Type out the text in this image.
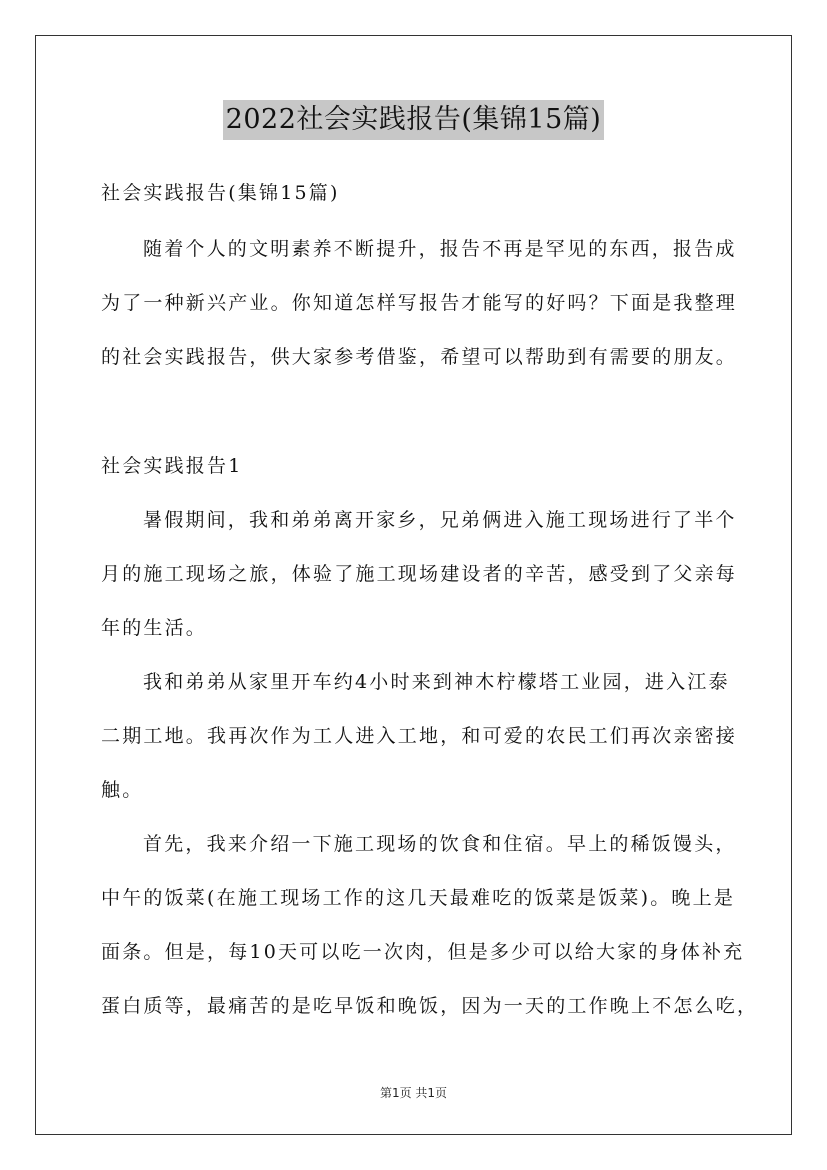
2022社会实践报告(集锦15篇)
社会实践报告(集锦15篇)
随着个人的文明素养不断提升，报告不再是罕见的东西，报告成
为了一种新兴产业。你知道怎样写报告才能写的好吗？下面是我整理
的社会实践报告，供大家参考借鉴，希望可以帮助到有需要的朋友。
社会实践报告1
暑假期间，我和弟弟离开家乡，兄弟俩进入施工现场进行了半个
月的施工现场之旅，体验了施工现场建设者的辛苦，感受到了父亲每
年的生活。
我和弟弟从家里开车约4小时来到神木柠檬塔工业园，进入江泰
二期工地。我再次作为工人进入工地，和可爱的农民工们再次亲密接
触。
首先，我来介绍一下施工现场的饮食和住宿。早上的稀饭馒头，
中午的饭菜(在施工现场工作的这几天最难吃的饭菜是饭菜)。晚上是
面条。但是，每10天可以吃一次肉，但是多少可以给大家的身体补充
蛋白质等，最痛苦的是吃早饭和晚饭，因为一天的工作晚上不怎么吃，
第1页 共1页
